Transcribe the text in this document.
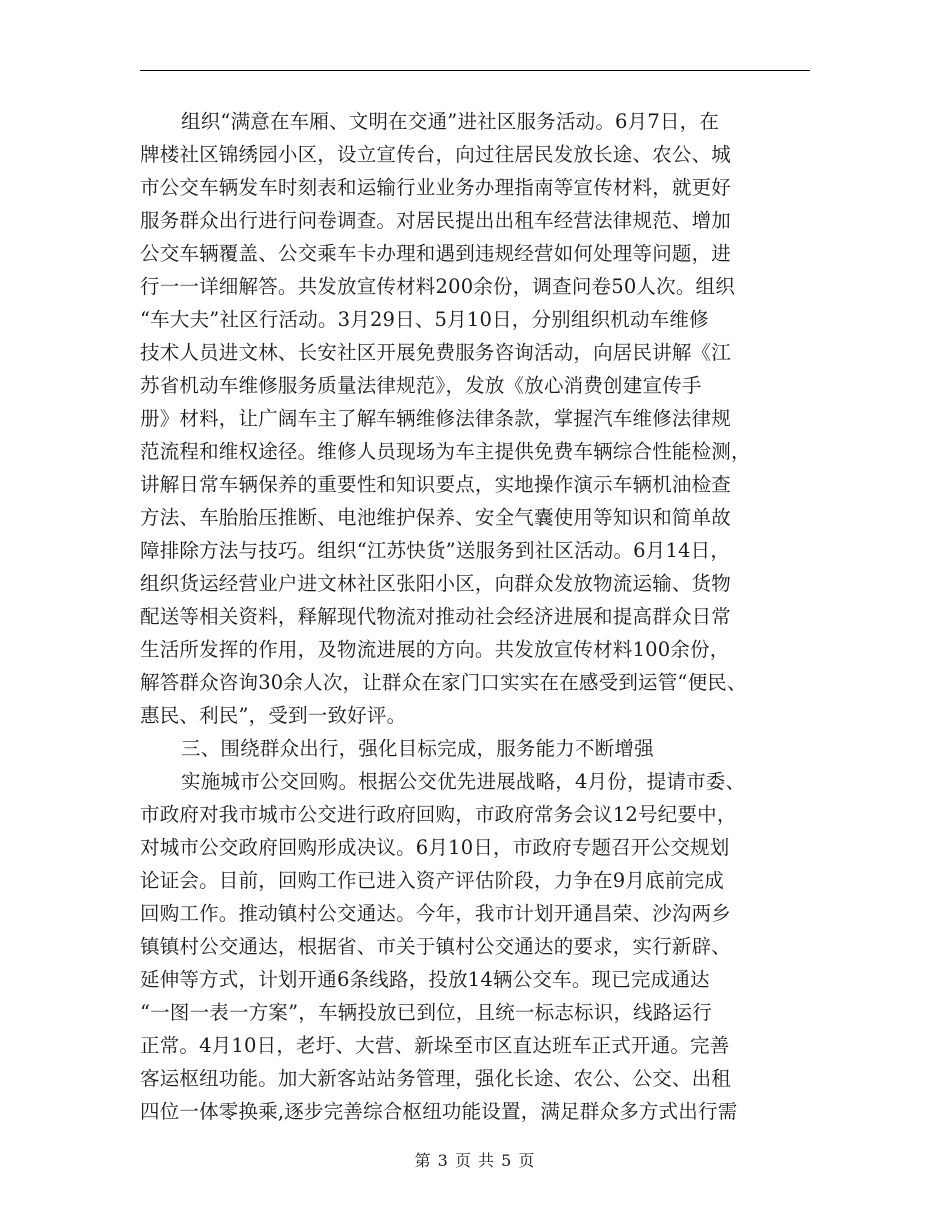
组织“满意在车厢、文明在交通”进社区服务活动。6月7日，在
牌楼社区锦绣园小区，设立宣传台，向过往居民发放长途、农公、城
市公交车辆发车时刻表和运输行业业务办理指南等宣传材料，就更好
服务群众出行进行问卷调查。对居民提出出租车经营法律规范、增加
公交车辆覆盖、公交乘车卡办理和遇到违规经营如何处理等问题，进
行一一详细解答。共发放宣传材料200余份，调查问卷50人次。组织
“车大夫”社区行活动。3月29日、5月10日，分别组织机动车维修
技术人员进文林、长安社区开展免费服务咨询活动，向居民讲解《江
苏省机动车维修服务质量法律规范》，发放《放心消费创建宣传手
册》材料，让广阔车主了解车辆维修法律条款，掌握汽车维修法律规
范流程和维权途径。维修人员现场为车主提供免费车辆综合性能检测，
讲解日常车辆保养的重要性和知识要点，实地操作演示车辆机油检查
方法、车胎胎压推断、电池维护保养、安全气囊使用等知识和简单故
障排除方法与技巧。组织“江苏快货”送服务到社区活动。6月14日，
组织货运经营业户进文林社区张阳小区，向群众发放物流运输、货物
配送等相关资料，释解现代物流对推动社会经济进展和提高群众日常
生活所发挥的作用，及物流进展的方向。共发放宣传材料100余份，
解答群众咨询30余人次，让群众在家门口实实在在感受到运管“便民、
惠民、利民”，受到一致好评。
三、围绕群众出行，强化目标完成，服务能力不断增强
实施城市公交回购。根据公交优先进展战略，4月份，提请市委、
市政府对我市城市公交进行政府回购，市政府常务会议12号纪要中，
对城市公交政府回购形成决议。6月10日，市政府专题召开公交规划
论证会。目前，回购工作已进入资产评估阶段，力争在9月底前完成
回购工作。推动镇村公交通达。今年，我市计划开通昌荣、沙沟两乡
镇镇村公交通达，根据省、市关于镇村公交通达的要求，实行新辟、
延伸等方式，计划开通6条线路，投放14辆公交车。现已完成通达
“一图一表一方案”，车辆投放已到位，且统一标志标识，线路运行
正常。4月10日，老圩、大营、新垛至市区直达班车正式开通。完善
客运枢纽功能。加大新客站站务管理，强化长途、农公、公交、出租
四位一体零换乘,逐步完善综合枢纽功能设置，满足群众多方式出行需
第 3 页 共 5 页
